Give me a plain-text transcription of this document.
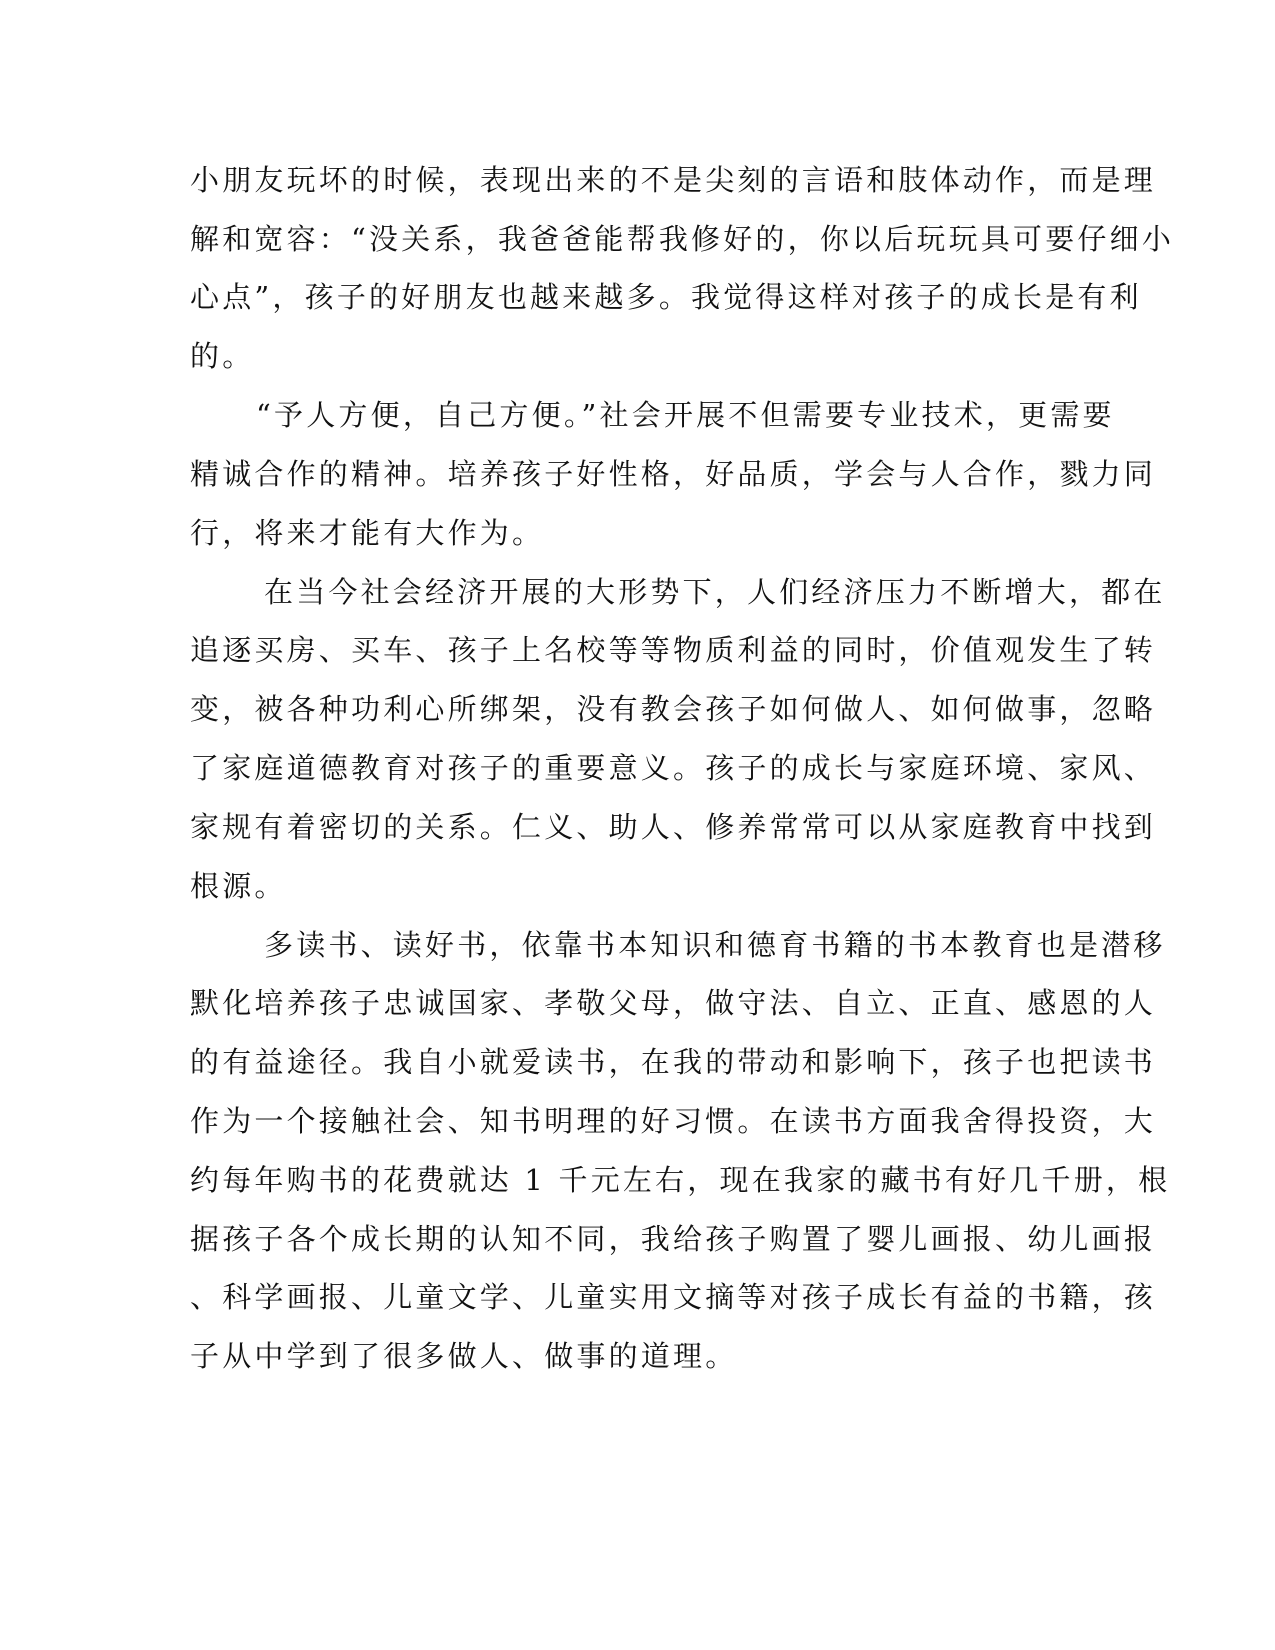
小朋友玩坏的时候，表现出来的不是尖刻的言语和肢体动作，而是理
解和宽容：“没关系，我爸爸能帮我修好的，你以后玩玩具可要仔细小
心点”，孩子的好朋友也越来越多。我觉得这样对孩子的成长是有利
的。
“予人方便，自己方便。”社会开展不但需要专业技术，更需要
精诚合作的精神。培养孩子好性格，好品质，学会与人合作，戮力同
行，将来才能有大作为。
在当今社会经济开展的大形势下，人们经济压力不断增大，都在
追逐买房、买车、孩子上名校等等物质利益的同时，价值观发生了转
变，被各种功利心所绑架，没有教会孩子如何做人、如何做事，忽略
了家庭道德教育对孩子的重要意义。孩子的成长与家庭环境、家风、
家规有着密切的关系。仁义、助人、修养常常可以从家庭教育中找到
根源。
多读书、读好书，依靠书本知识和德育书籍的书本教育也是潜移
默化培养孩子忠诚国家、孝敬父母，做守法、自立、正直、感恩的人
的有益途径。我自小就爱读书，在我的带动和影响下，孩子也把读书
作为一个接触社会、知书明理的好习惯。在读书方面我舍得投资，大
约每年购书的花费就达 1 千元左右，现在我家的藏书有好几千册，根
据孩子各个成长期的认知不同，我给孩子购置了婴儿画报、幼儿画报
、科学画报、儿童文学、儿童实用文摘等对孩子成长有益的书籍，孩
子从中学到了很多做人、做事的道理。
